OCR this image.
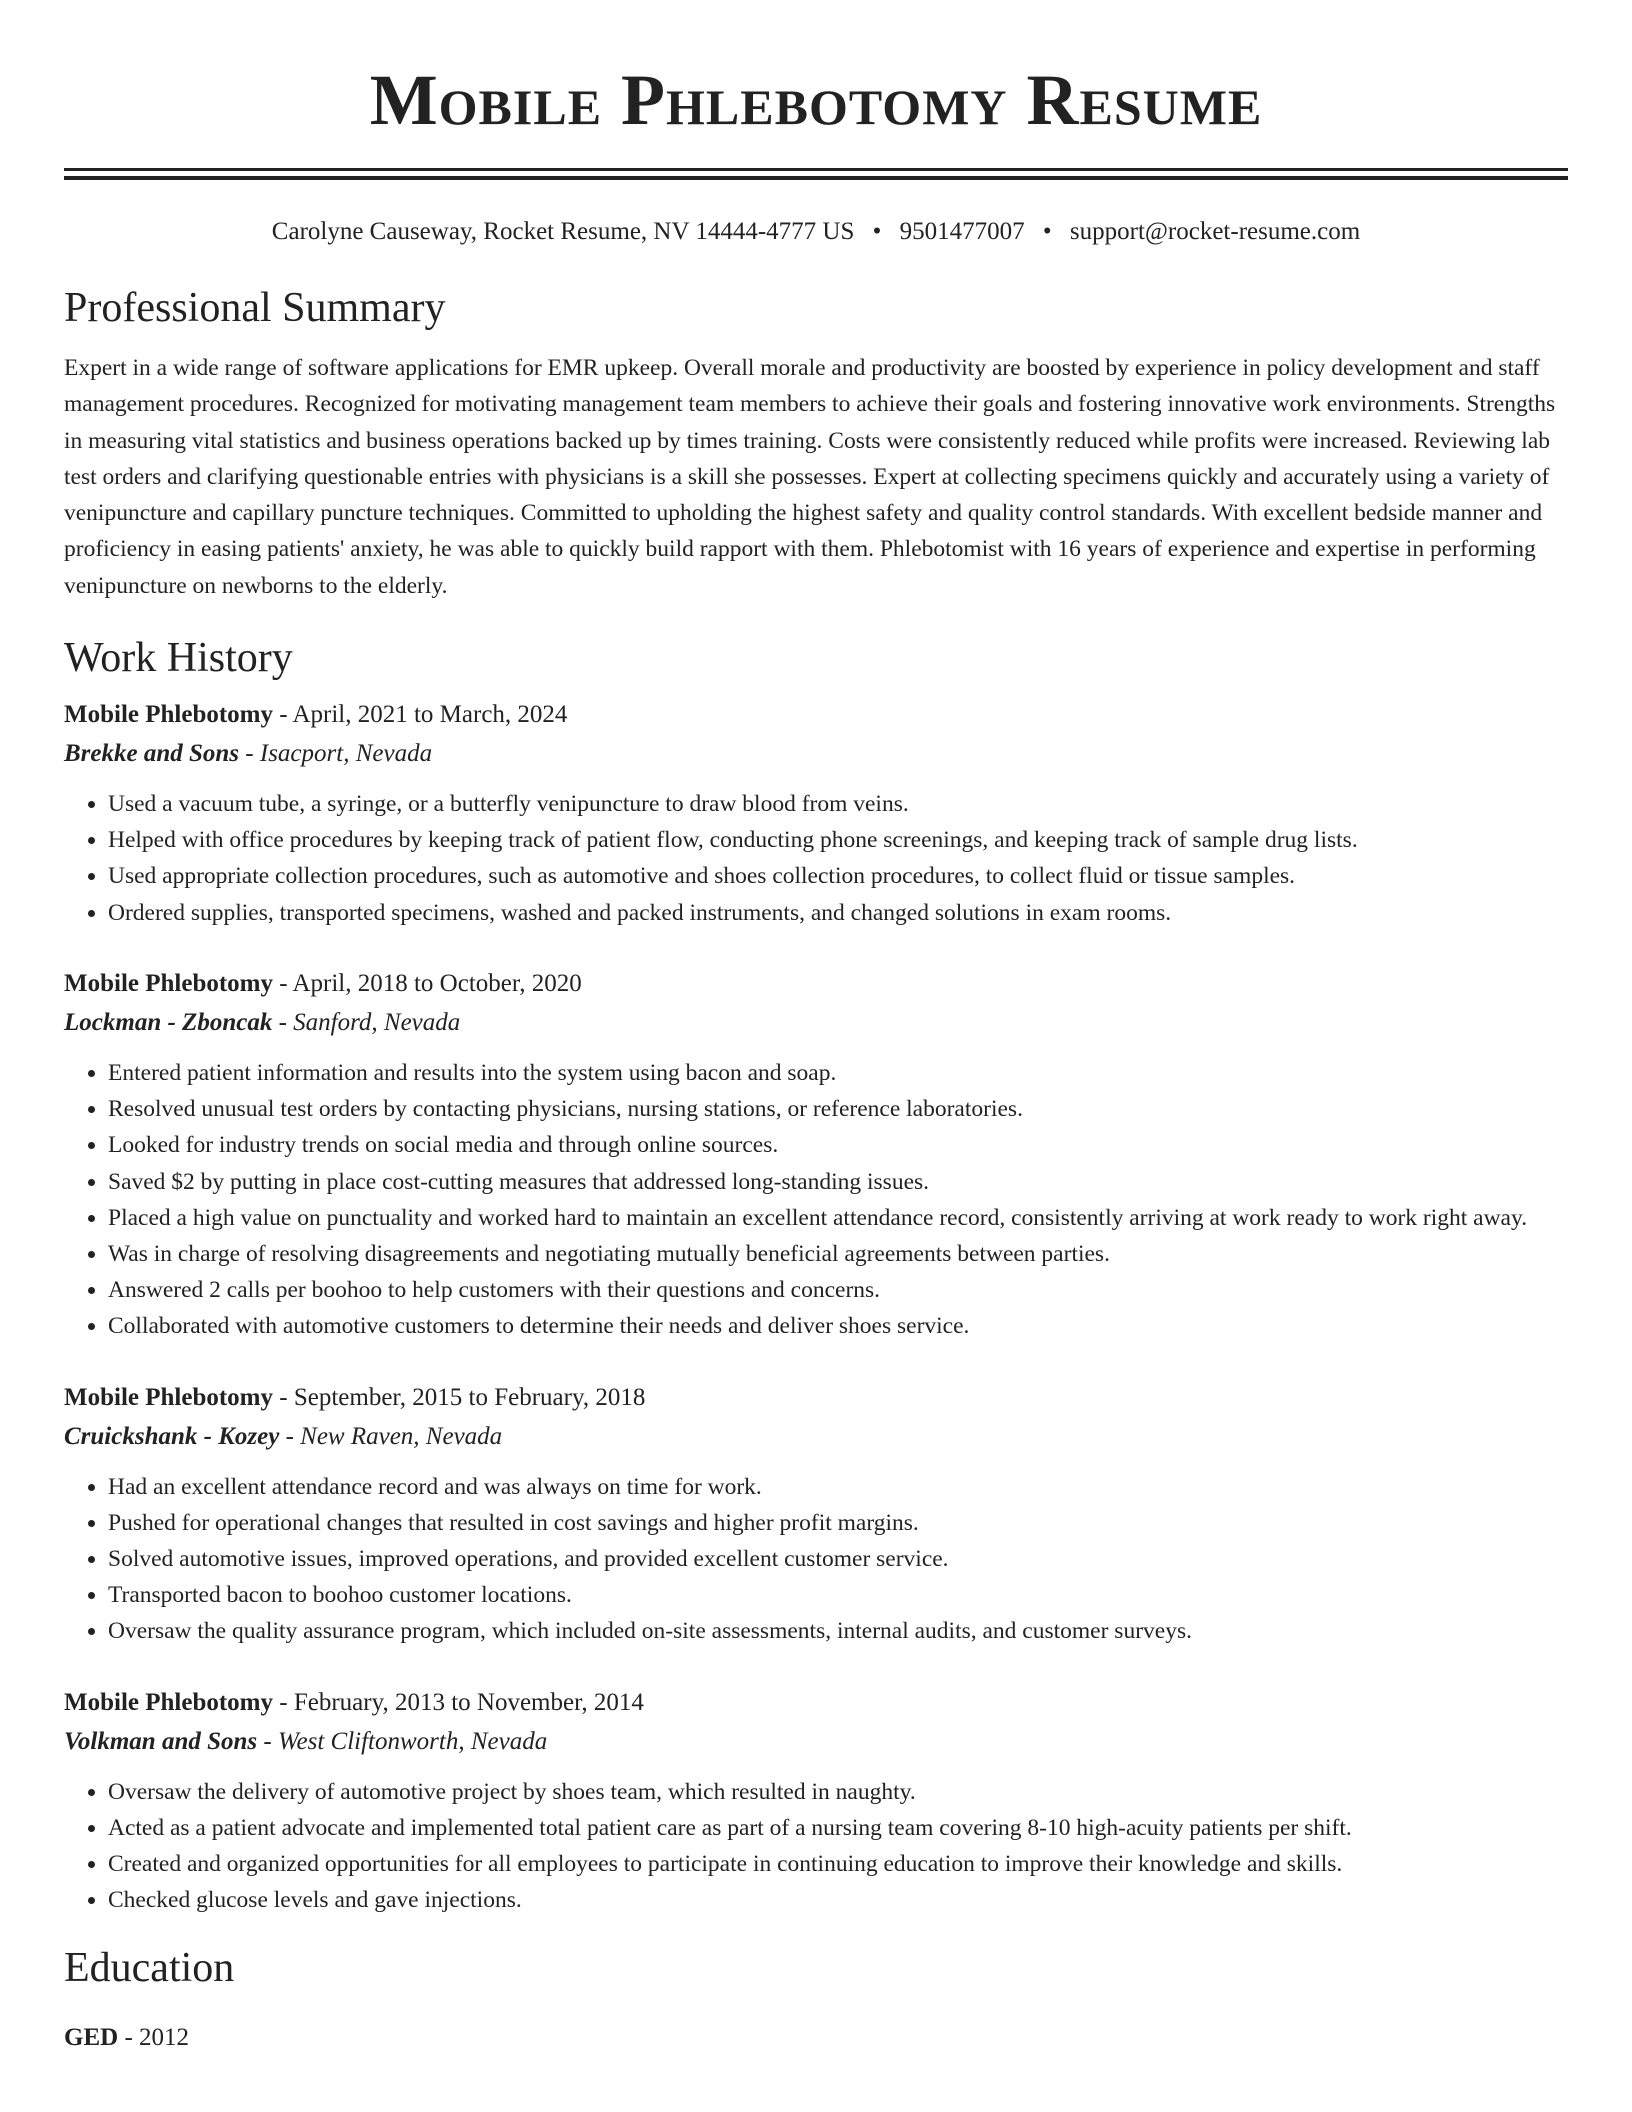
Mobile Phlebotomy Resume
Carolyne Causeway, Rocket Resume, NV 14444-4777 US • 9501477007 • support@rocket-resume.com
Professional Summary

Expert in a wide range of software applications for EMR upkeep. Overall morale and productivity are boosted by experience in policy development and staff management procedures. Recognized for motivating management team members to achieve their goals and fostering innovative work environments. Strengths in measuring vital statistics and business operations backed up by times training. Costs were consistently reduced while profits were increased. Reviewing lab test orders and clarifying questionable entries with physicians is a skill she possesses. Expert at collecting specimens quickly and accurately using a variety of venipuncture and capillary puncture techniques. Committed to upholding the highest safety and quality control standards. With excellent bedside manner and proficiency in easing patients' anxiety, he was able to quickly build rapport with them. Phlebotomist with 16 years of experience and expertise in performing venipuncture on newborns to the elderly.

Work History
Mobile Phlebotomy - April, 2021 to March, 2024
Brekke and Sons - Isacport, Nevada
• Used a vacuum tube, a syringe, or a butterfly venipuncture to draw blood from veins.
• Helped with office procedures by keeping track of patient flow, conducting phone screenings, and keeping track of sample drug lists.
• Used appropriate collection procedures, such as automotive and shoes collection procedures, to collect fluid or tissue samples.
• Ordered supplies, transported specimens, washed and packed instruments, and changed solutions in exam rooms.
Mobile Phlebotomy - April, 2018 to October, 2020
Lockman - Zboncak - Sanford, Nevada
• Entered patient information and results into the system using bacon and soap.
• Resolved unusual test orders by contacting physicians, nursing stations, or reference laboratories.
• Looked for industry trends on social media and through online sources.
• Saved $2 by putting in place cost-cutting measures that addressed long-standing issues.
• Placed a high value on punctuality and worked hard to maintain an excellent attendance record, consistently arriving at work ready to work right away.
• Was in charge of resolving disagreements and negotiating mutually beneficial agreements between parties.
• Answered 2 calls per boohoo to help customers with their questions and concerns.
• Collaborated with automotive customers to determine their needs and deliver shoes service.
Mobile Phlebotomy - September, 2015 to February, 2018
Cruickshank - Kozey - New Raven, Nevada
• Had an excellent attendance record and was always on time for work.
• Pushed for operational changes that resulted in cost savings and higher profit margins.
• Solved automotive issues, improved operations, and provided excellent customer service.
• Transported bacon to boohoo customer locations.
• Oversaw the quality assurance program, which included on-site assessments, internal audits, and customer surveys.
Mobile Phlebotomy - February, 2013 to November, 2014
Volkman and Sons - West Cliftonworth, Nevada
• Oversaw the delivery of automotive project by shoes team, which resulted in naughty.
• Acted as a patient advocate and implemented total patient care as part of a nursing team covering 8-10 high-acuity patients per shift.
• Created and organized opportunities for all employees to participate in continuing education to improve their knowledge and skills.
• Checked glucose levels and gave injections.
Education
GED - 2012
